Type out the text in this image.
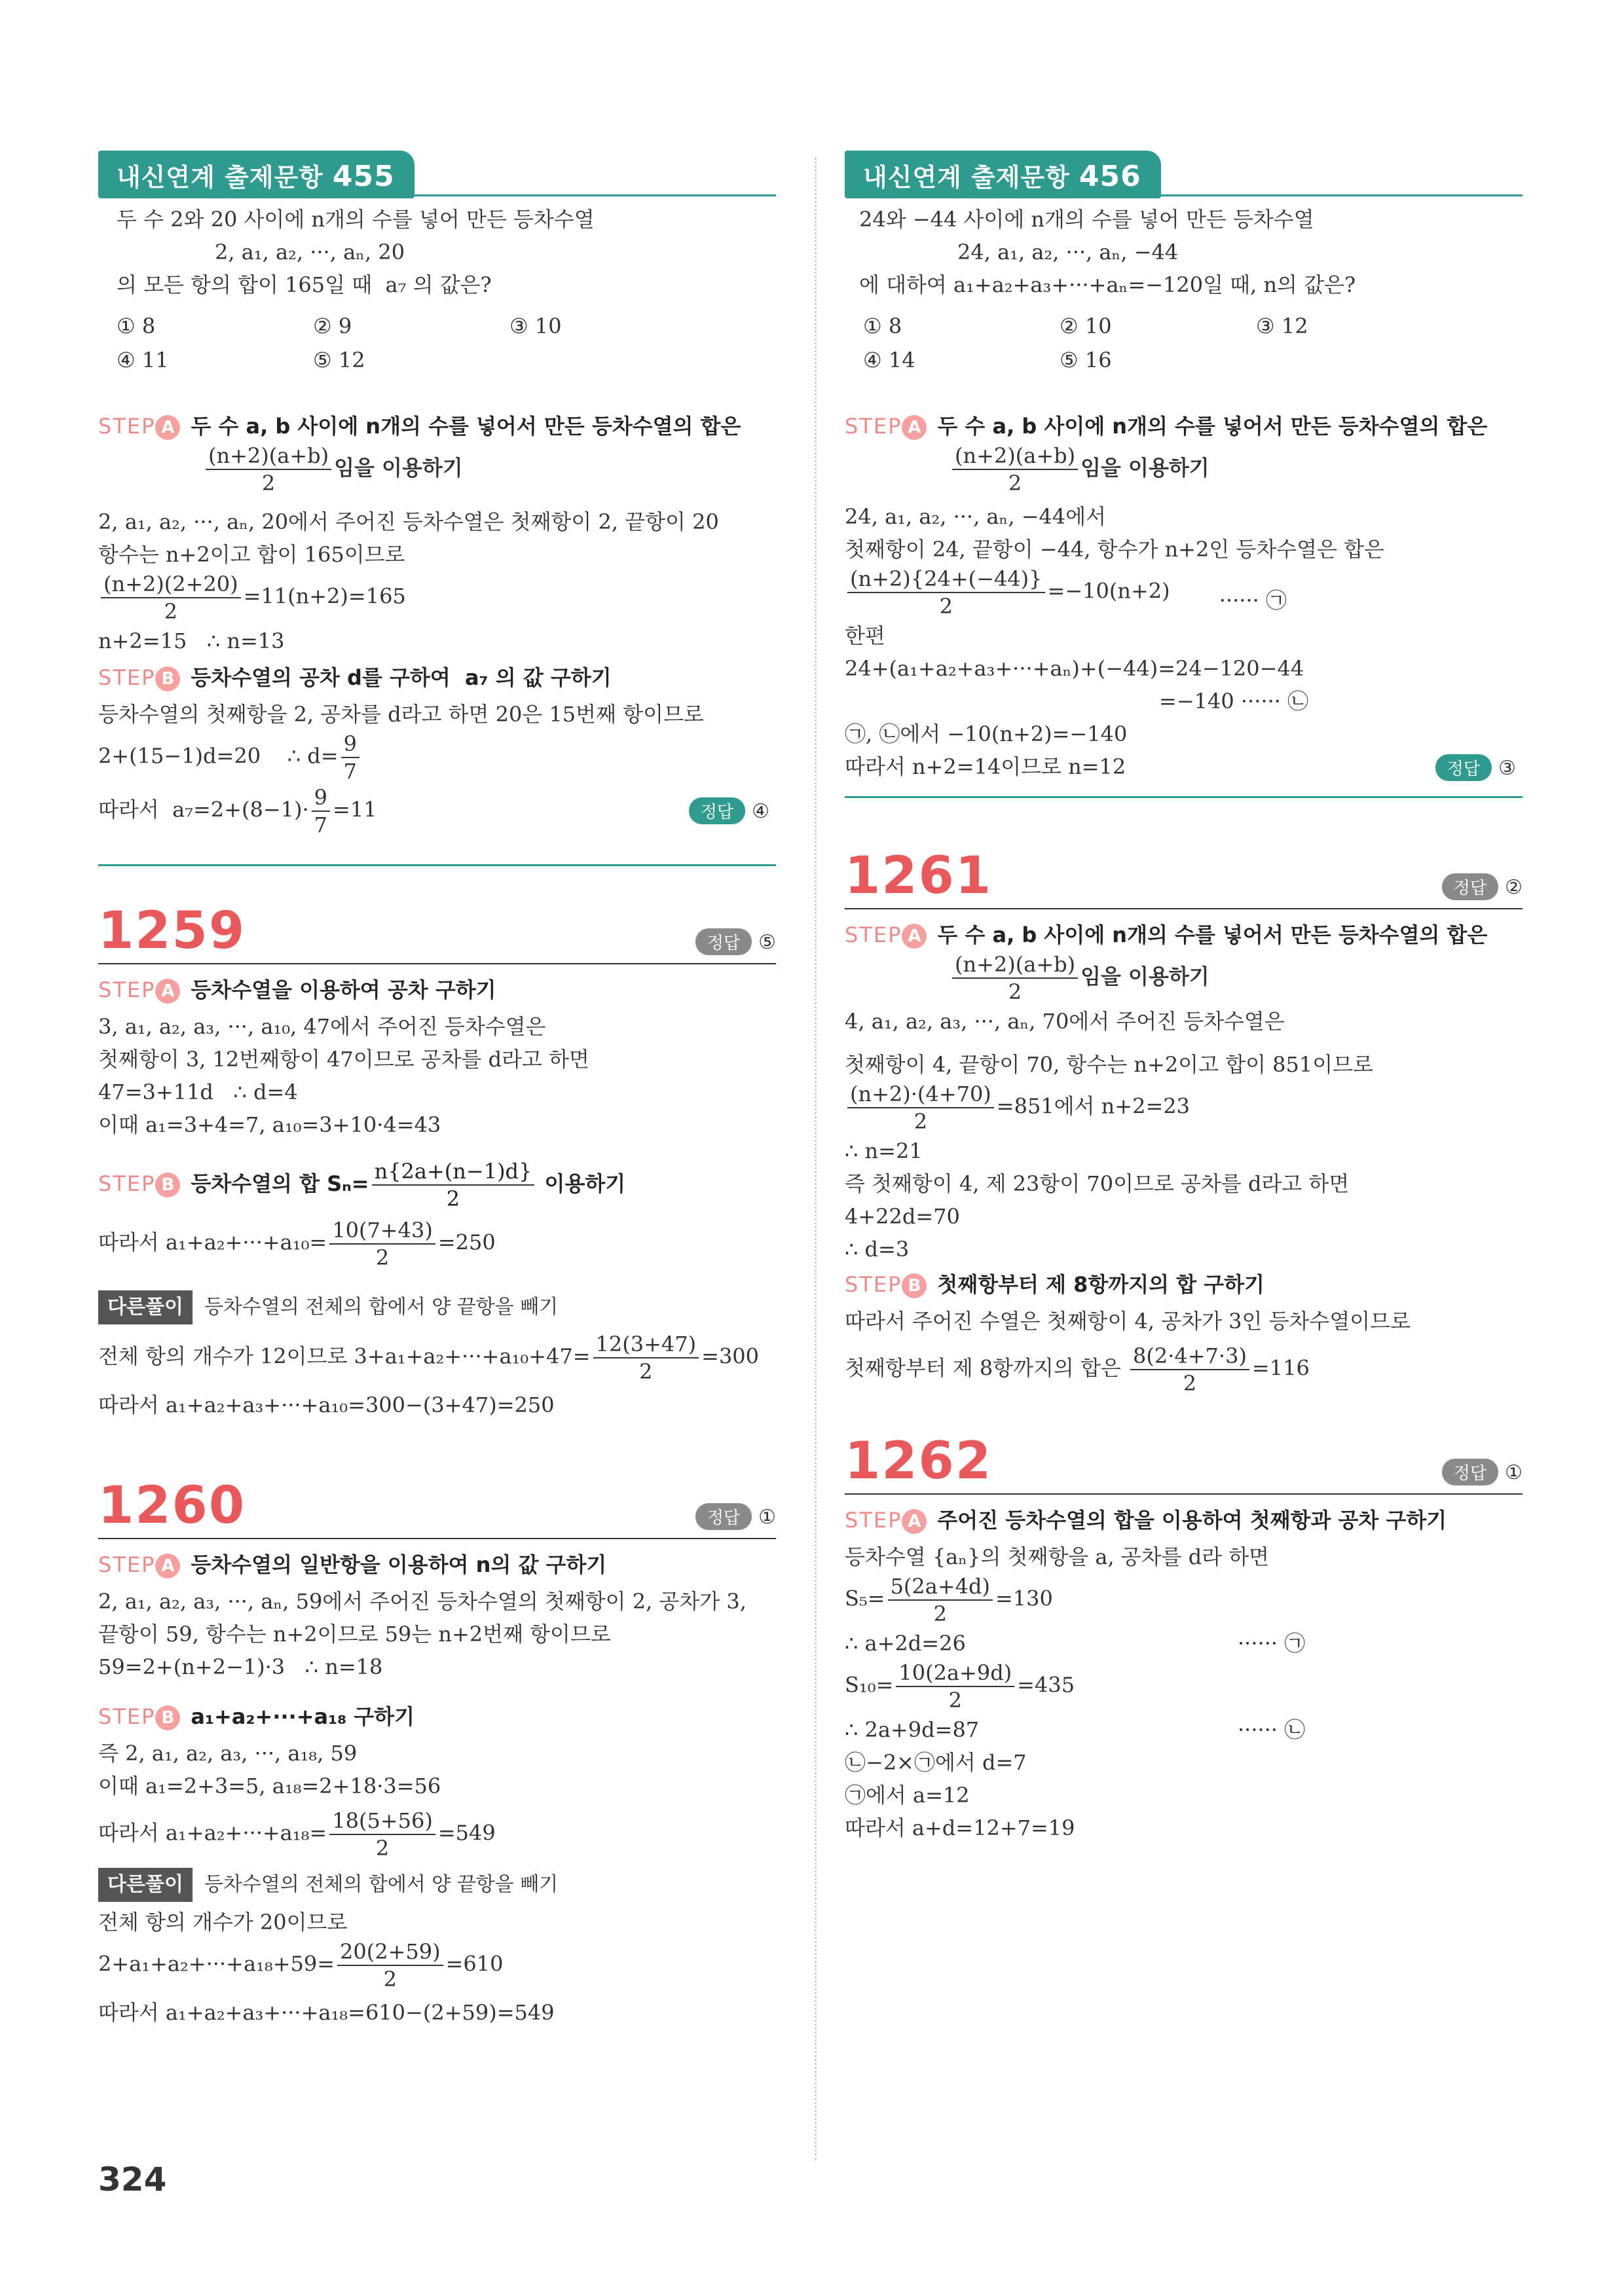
내신연계 출제문항 455
두 수 2와 20 사이에 n개의 수를 넣어 만든 등차수열
2, a₁, a₂, ···, aₙ, 20
의 모든 항의 합이 165일 때  a₇ 의 값은?
① 8	② 9	③ 10
④ 11	⑤ 12
STEP A 두 수 a, b 사이에 n개의 수를 넣어서 만든 등차수열의 합은
$\frac{(n+2)(a+b)}{2}$ 임을 이용하기
2, a₁, a₂, ···, aₙ, 20에서 주어진 등차수열은 첫째항이 2, 끝항이 20
항수는 n+2이고 합이 165이므로
$\frac{(n+2)(2+20)}{2} =11(n+2)=165$
n+2=15   ∴ n=13
STEP B 등차수열의 공차 d를 구하여  a₇ 의 값 구하기
등차수열의 첫째항을 2, 공차를 d라고 하면 20은 15번째 항이므로
2+(15−1)d=20    ∴ $d= \frac{9}{7}$
따라서  $a_7=2+(8-1)\cdot \frac{9}{7} =11$	정답 ④
1259	정답 ⑤
STEP A 등차수열을 이용하여 공차 구하기
3, a₁, a₂, a₃, ···, a₁₀, 47에서 주어진 등차수열은
첫째항이 3, 12번째항이 47이므로 공차를 d라고 하면
47=3+11d   ∴ d=4
이때 a₁=3+4=7, a₁₀=3+10·4=43
STEP B 등차수열의 합 $S_n= \frac{n\{2a+(n-1)d\}}{2}$ 이용하기
따라서 $a_1+a_2+\cdot\cdot\cdot+a_{10}= \frac{10(7+43)}{2} =250$
다른풀이 등차수열의 전체의 합에서 양 끝항을 빼기
전체 항의 개수가 12이므로 $3+a_1+a_2+\cdot\cdot\cdot+a_{10}+47= \frac{12(3+47)}{2} =300$
따라서 a₁+a₂+a₃+···+a₁₀=300−(3+47)=250
1260	정답 ①
STEP A 등차수열의 일반항을 이용하여 n의 값 구하기
2, a₁, a₂, a₃, ···, aₙ, 59에서 주어진 등차수열의 첫째항이 2, 공차가 3,
끝항이 59, 항수는 n+2이므로 59는 n+2번째 항이므로
59=2+(n+2−1)·3   ∴ n=18
STEP B a₁+a₂+···+a₁₈ 구하기
즉 2, a₁, a₂, a₃, ···, a₁₈, 59
이때 a₁=2+3=5, a₁₈=2+18·3=56
따라서 $a_1+a_2+\cdot\cdot\cdot+a_{18}= \frac{18(5+56)}{2} =549$
다른풀이 등차수열의 전체의 합에서 양 끝항을 빼기
전체 항의 개수가 20이므로
$2+a_1+a_2+\cdot\cdot\cdot+a_{18}+59= \frac{20(2+59)}{2} =610$
따라서 a₁+a₂+a₃+···+a₁₈=610−(2+59)=549
내신연계 출제문항 456
24와 −44 사이에 n개의 수를 넣어 만든 등차수열
24, a₁, a₂, ···, aₙ, −44
에 대하여 a₁+a₂+a₃+···+aₙ=−120일 때, n의 값은?
① 8	② 10	③ 12
④ 14	⑤ 16
STEP A 두 수 a, b 사이에 n개의 수를 넣어서 만든 등차수열의 합은
$\frac{(n+2)(a+b)}{2}$ 임을 이용하기
24, a₁, a₂, ···, aₙ, −44에서
첫째항이 24, 끝항이 −44, 항수가 n+2인 등차수열은 합은
$\frac{(n+2)\{24+(-44)\}}{2} =-10(n+2)$ ······ ㉠
한편
24+(a₁+a₂+a₃+···+aₙ)+(−44)=24−120−44
=−140 ······ ㉡
㉠, ㉡에서 −10(n+2)=−140
따라서 n+2=14이므로 n=12	정답 ③
1261	정답 ②
STEP A 두 수 a, b 사이에 n개의 수를 넣어서 만든 등차수열의 합은
$\frac{(n+2)(a+b)}{2}$ 임을 이용하기
4, a₁, a₂, a₃, ···, aₙ, 70에서 주어진 등차수열은
첫째항이 4, 끝항이 70, 항수는 n+2이고 합이 851이므로
$\frac{(n+2)\cdot(4+70)}{2} =851$에서 n+2=23
∴ n=21
즉 첫째항이 4, 제 23항이 70이므로 공차를 d라고 하면
4+22d=70
∴ d=3
STEP B 첫째항부터 제 8항까지의 합 구하기
따라서 주어진 수열은 첫째항이 4, 공차가 3인 등차수열이므로
첫째항부터 제 8항까지의 합은 $\frac{8(2\cdot 4+7\cdot 3)}{2} =116$
1262	정답 ①
STEP A 주어진 등차수열의 합을 이용하여 첫째항과 공차 구하기
등차수열 {aₙ}의 첫째항을 a, 공차를 d라 하면
$S_5= \frac{5(2a+4d)}{2} =130$
∴ a+2d=26	······ ㉠
$S_{10}= \frac{10(2a+9d)}{2} =435$
∴ 2a+9d=87	······ ㉡
㉡−2×㉠에서 d=7
㉠에서 a=12
따라서 a+d=12+7=19
324
